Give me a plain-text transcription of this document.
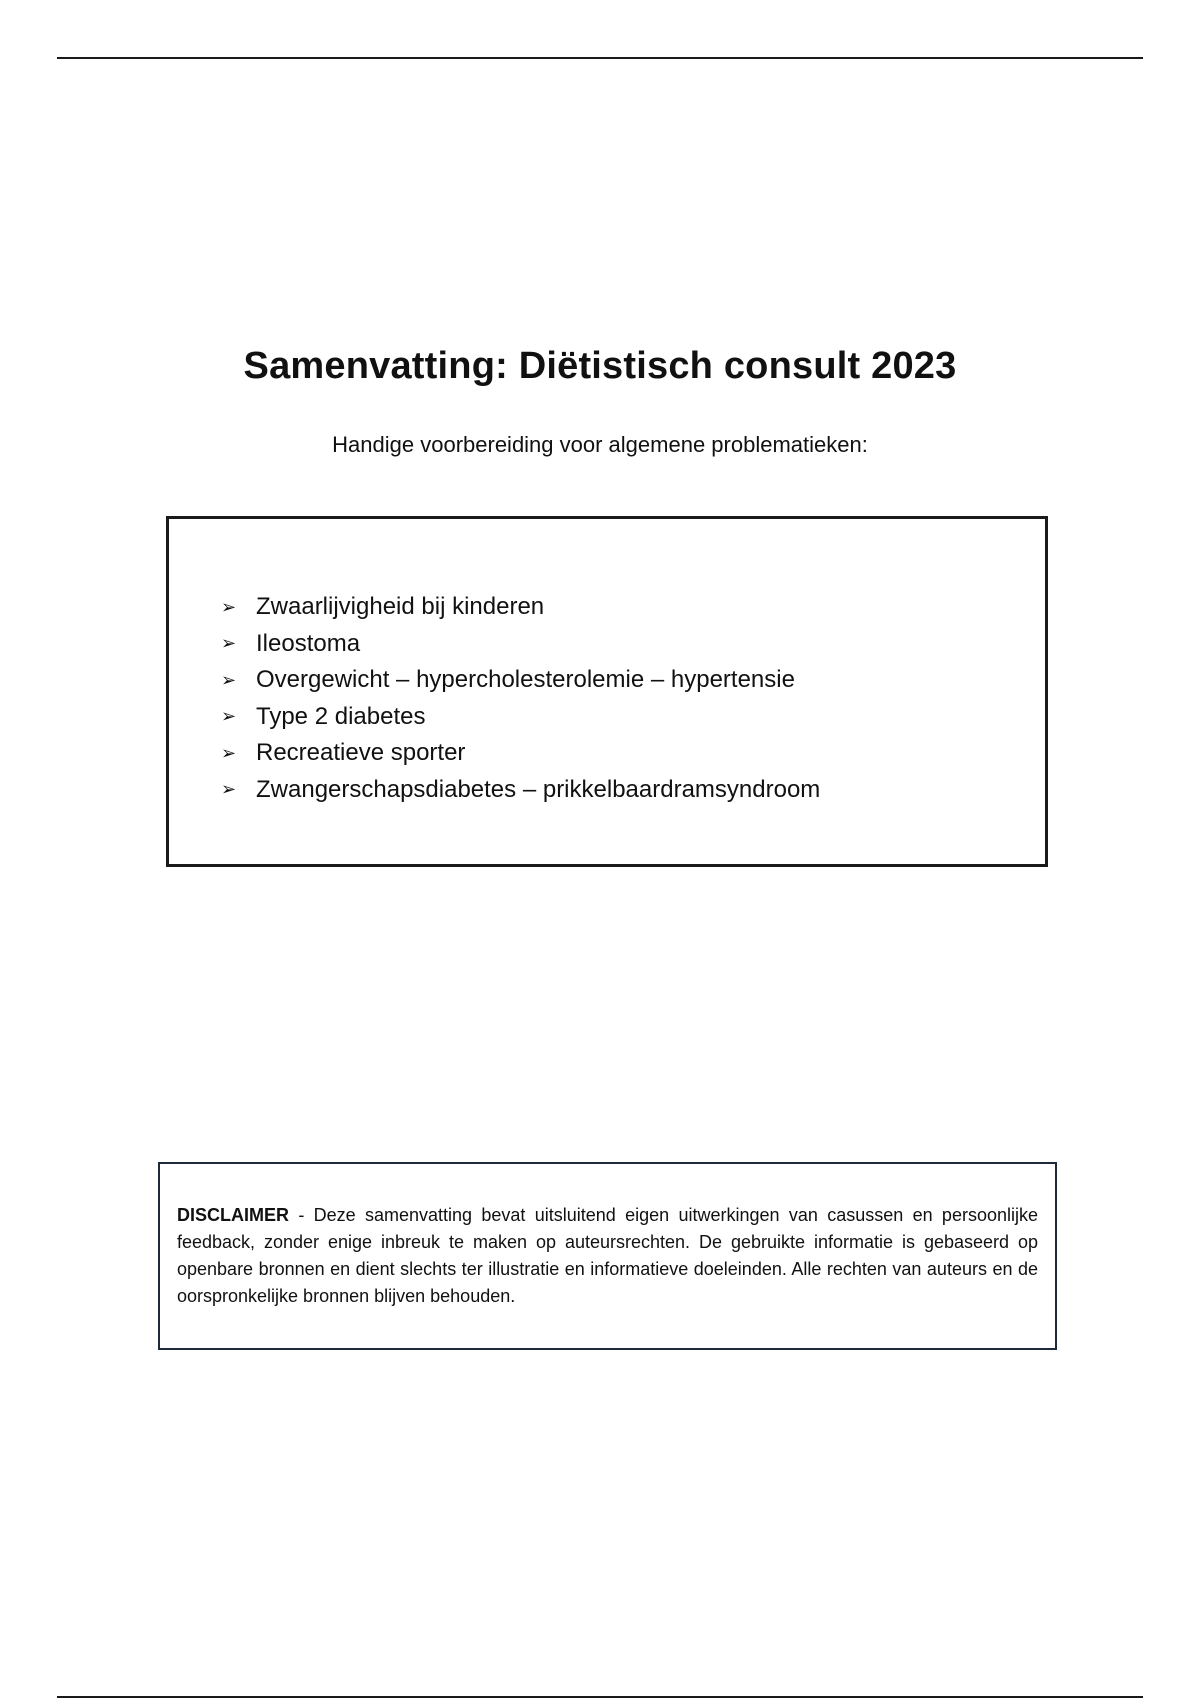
Samenvatting: Diëtistisch consult 2023

Handige voorbereiding voor algemene problematieken:

➢ Zwaarlijvigheid bij kinderen
➢ Ileostoma
➢ Overgewicht – hypercholesterolemie – hypertensie
➢ Type 2 diabetes
➢ Recreatieve sporter
➢ Zwangerschapsdiabetes – prikkelbaardramsyndroom

DISCLAIMER - Deze samenvatting bevat uitsluitend eigen uitwerkingen van casussen en persoonlijke feedback, zonder enige inbreuk te maken op auteursrechten. De gebruikte informatie is gebaseerd op openbare bronnen en dient slechts ter illustratie en informatieve doeleinden. Alle rechten van auteurs en de oorspronkelijke bronnen blijven behouden.
